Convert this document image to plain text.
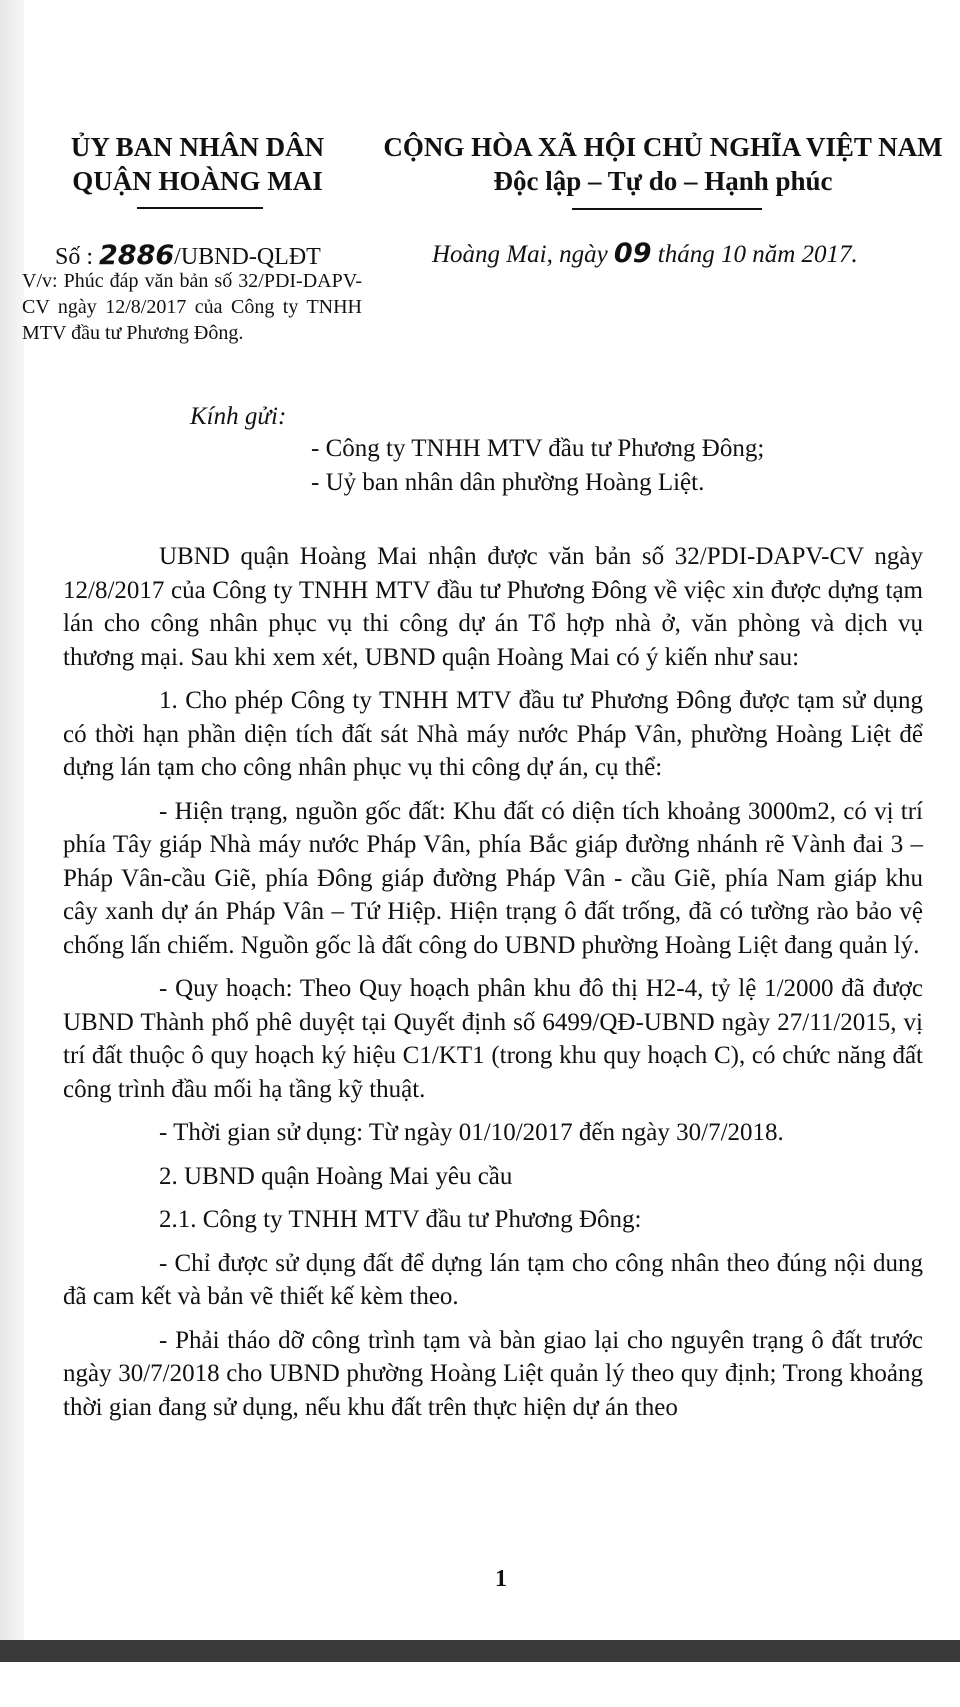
ỦY BAN NHÂN DÂN
QUẬN HOÀNG MAI
CỘNG HÒA XÃ HỘI CHỦ NGHĨA VIỆT NAM
Độc lập – Tự do – Hạnh phúc
Số : 2886/UBND-QLĐT
V/v: Phúc đáp văn bản số 32/PDI-DAPV-CV ngày 12/8/2017 của Công ty TNHH MTV đầu tư Phương Đông.
Hoàng Mai, ngày 09 tháng 10 năm 2017.
Kính gửi:
- Công ty TNHH MTV đầu tư Phương Đông;
- Uỷ ban nhân dân phường Hoàng Liệt.

UBND quận Hoàng Mai nhận được văn bản số 32/PDI-DAPV-CV ngày 12/8/2017 của Công ty TNHH MTV đầu tư Phương Đông về việc xin được dựng tạm lán cho công nhân phục vụ thi công dự án Tổ hợp nhà ở, văn phòng và dịch vụ thương mại. Sau khi xem xét, UBND quận Hoàng Mai có ý kiến như sau:

1. Cho phép Công ty TNHH MTV đầu tư Phương Đông được tạm sử dụng có thời hạn phần diện tích đất sát Nhà máy nước Pháp Vân, phường Hoàng Liệt để dựng lán tạm cho công nhân phục vụ thi công dự án, cụ thể:

- Hiện trạng, nguồn gốc đất: Khu đất có diện tích khoảng 3000m2, có vị trí phía Tây giáp Nhà máy nước Pháp Vân, phía Bắc giáp đường nhánh rẽ Vành đai 3 – Pháp Vân-cầu Giẽ, phía Đông giáp đường Pháp Vân - cầu Giẽ, phía Nam giáp khu cây xanh dự án Pháp Vân – Tứ Hiệp. Hiện trạng ô đất trống, đã có tường rào bảo vệ chống lấn chiếm. Nguồn gốc là đất công do UBND phường Hoàng Liệt đang quản lý.

- Quy hoạch: Theo Quy hoạch phân khu đô thị H2-4, tỷ lệ 1/2000 đã được UBND Thành phố phê duyệt tại Quyết định số 6499/QĐ-UBND ngày 27/11/2015, vị trí đất thuộc ô quy hoạch ký hiệu C1/KT1 (trong khu quy hoạch C), có chức năng đất công trình đầu mối hạ tầng kỹ thuật.

- Thời gian sử dụng: Từ ngày 01/10/2017 đến ngày 30/7/2018.

2. UBND quận Hoàng Mai yêu cầu

2.1. Công ty TNHH MTV đầu tư Phương Đông:

- Chỉ được sử dụng đất để dựng lán tạm cho công nhân theo đúng nội dung đã cam kết và bản vẽ thiết kế kèm theo.

- Phải tháo dỡ công trình tạm và bàn giao lại cho nguyên trạng ô đất trước ngày 30/7/2018 cho UBND phường Hoàng Liệt quản lý theo quy định; Trong khoảng thời gian đang sử dụng, nếu khu đất trên thực hiện dự án theo

1
